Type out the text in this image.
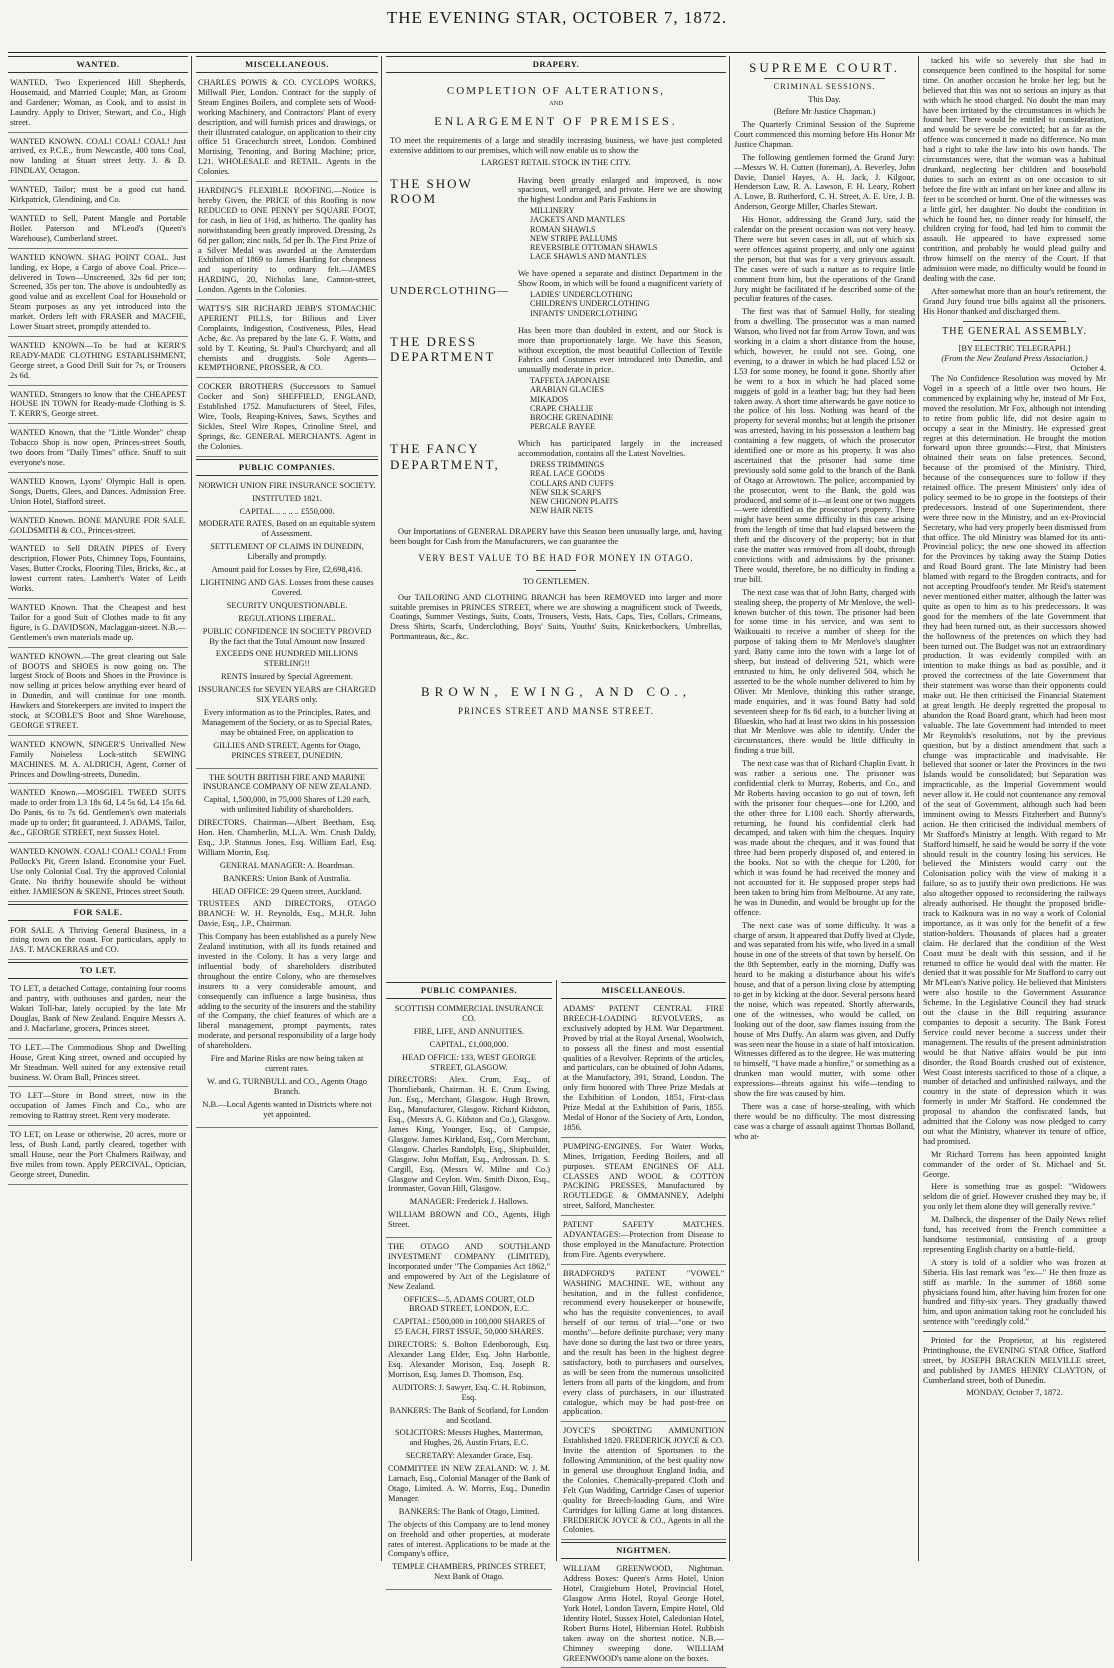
THE EVENING STAR, OCTOBER 7, 1872.
WANTED.

WANTED, Two Experienced Hill Shepherds, Housemaid, and Married Couple; Man, as Groom and Gardener; Woman, as Cook, and to assist in Laundry. Apply to Driver, Stewart, and Co., High street.

WANTED KNOWN. COAL! COAL! COAL! Just arrived, ex P.C.E., from Newcastle, 400 tons Coal, now landing at Stuart street Jetty. J. & D. FINDLAY, Octagon.

WANTED, Tailor; must be a good cut hand. Kirkpatrick, Glendining, and Co.

WANTED to Sell, Patent Mangle and Portable Boiler. Paterson and M'Leod's (Queen's Warehouse), Cumberland street.

WANTED KNOWN. SHAG POINT COAL. Just landing, ex Hope, a Cargo of above Coal. Price—delivered in Town—Unscreened, 32s 6d per ton; Screened, 35s per ton. The above is undoubtedly as good value and as excellent Coal for Household or Steam purposes as any yet introduced into the market. Orders left with FRASER and MACFIE, Lower Stuart street, promptly attended to.

WANTED KNOWN—To be had at KERR'S READY-MADE CLOTHING ESTABLISHMENT, George street, a Good Drill Suit for 7s, or Trousers 2s 6d.

WANTED, Strangers to know that the CHEAPEST HOUSE IN TOWN for Ready-made Clothing is S. T. KERR'S, George street.

WANTED Known, that the "Little Wonder" cheap Tobacco Shop is now open, Princes-street South, two doors from "Daily Times" office. Snuff to suit everyone's nose.

WANTED Known, Lyons' Olympic Hall is open. Songs, Duetts, Glees, and Dances. Admission Free. Union Hotel, Stafford street.

WANTED Known. BONE MANURE FOR SALE. GOLDSMITH & CO., Princes-street.

WANTED to Sell DRAIN PIPES of Every description, Flower Pots, Chimney Tops, Fountains, Vases, Butter Crocks, Flooring Tiles, Bricks, &c., at lowest current rates. Lambert's Water of Leith Works.

WANTED Known. That the Cheapest and best Tailor for a good Suit of Clothes made to fit any figure, is G. DAVIDSON, Maclaggan-street. N.B.—Gentlemen's own materials made up.

WANTED KNOWN.—The great clearing out Sale of BOOTS and SHOES is now going on. The largest Stock of Boots and Shoes in the Province is now selling at prices below anything ever heard of in Dunedin, and will continue for one month. Hawkers and Storekeepers are invited to inspect the stock, at SCOBLE'S Boot and Shoe Warehouse, GEORGE STREET.

WANTED KNOWN, SINGER'S Unrivalled New Family Noiseless Lock-stitch SEWING MACHINES. M. A. ALDRICH, Agent, Corner of Princes and Dowling-streets, Dunedin.

WANTED Known.—MOSGIEL TWEED SUITS made to order from L3 18s 6d, L4 5s 6d, L4 15s 6d. Do Pants, 6s to 7s 6d. Gentlemen's own materials made up to order; fit guaranteed. J. ADAMS, Tailor, &c., GEORGE STREET, next Sussex Hotel.

WANTED KNOWN. COAL! COAL! COAL! From Pollock's Pit, Green Island. Economise your Fuel. Use only Colonial Coal. Try the approved Colonial Grate. No thrifty housewife should be without either. JAMIESON & SKENE, Princes street South.

FOR SALE.

FOR SALE. A Thriving General Business, in a rising town on the coast. For particulars, apply to JAS. T. MACKERRAS and CO.

TO LET.

TO LET, a detached Cottage, containing four rooms and pantry, with outhouses and garden, near the Wakari Toll-bar, lately occupied by the late Mr Douglas, Bank of New Zealand. Enquire Messrs A. and J. Macfarlane, grocers, Princes street.

TO LET.—The Commodious Shop and Dwelling House, Great King street, owned and occupied by Mr Steadman. Well suited for any extensive retail business. W. Oram Ball, Princes street.

TO LET—Store in Bond street, now in the occupation of James Finch and Co., who are removing to Rattray street. Rent very moderate.

TO LET, on Lease or otherwise, 20 acres, more or less, of Bush Land, partly cleared, together with small House, near the Port Chalmers Railway, and five miles from town. Apply PERCIVAL, Optician, George street, Dunedin.

MISCELLANEOUS.

CHARLES POWIS & CO. CYCLOPS WORKS, Millwall Pier, London. Contract for the supply of Steam Engines Boilers, and complete sets of Wood-working Machinery, and Contractors' Plant of every description, and will furnish prices and drawings, or their illustrated catalogue, on application to their city office 51 Gracechurch street, London. Combined Mortising, Tenoning, and Boring Machine; price, L21. WHOLESALE and RETAIL. Agents in the Colonies.

HARDING'S FLEXIBLE ROOFING.—Notice is hereby Given, the PRICE of this Roofing is now REDUCED to ONE PENNY per SQUARE FOOT, for cash, in lieu of 1½d, as hitherto. The quality has notwithstanding been greatly improved. Dressing, 2s 6d per gallon; zinc nails, 5d per lb. The First Prize of a Silver Medal was awarded at the Amsterdam Exhibition of 1869 to James Harding for cheapness and superiority to ordinary felt.—JAMES HARDING, 20, Nicholas lane, Cannon-street, London. Agents in the Colonies.

WATTS'S SIR RICHARD JEBB'S STOMACHIC APERIENT PILLS, for Bilious and Liver Complaints, Indigestion, Costiveness, Piles, Head Ache, &c. As prepared by the late G. F. Watts, and sold by T. Keating, St. Paul's Churchyard; and all chemists and druggists. Sole Agents—KEMPTHORNE, PROSSER, & CO.

COCKER BROTHERS (Successors to Samuel Cocker and Son) SHEFFIELD, ENGLAND, Established 1752. Manufacturers of Steel, Files, Wire, Tools, Reaping-Knives, Saws, Scythes and Sickles, Steel Wire Ropes, Crinoline Steel, and Springs, &c. GENERAL MERCHANTS. Agent in the Colonies.

PUBLIC COMPANIES.

NORWICH UNION FIRE INSURANCE SOCIETY.

INSTITUTED 1821.

CAPITAL .. .. .. .. £550,000.

MODERATE RATES, Based on an equitable system of Assessment.

SETTLEMENT OF CLAIMS IN DUNEDIN, Liberally and promptly.

Amount paid for Losses by Fire, £2,698,416.

LIGHTNING AND GAS. Losses from these causes Covered.

SECURITY UNQUESTIONABLE.

REGULATIONS LIBERAL.

PUBLIC CONFIDENCE IN SOCIETY PROVED By the fact that the Total Amount now Insured

EXCEEDS ONE HUNDRED MILLIONS STERLING!!

RENTS Insured by Special Agreement.

INSURANCES for SEVEN YEARS are CHARGED SIX YEARS only.

Every information as to the Principles, Rates, and Management of the Society, or as to Special Rates, may be obtained Free, on application to

GILLIES AND STREET, Agents for Otago, PRINCES STREET, DUNEDIN.

THE SOUTH BRITISH FIRE AND MARINE INSURANCE COMPANY OF NEW ZEALAND.

Capital, 1,500,000, in 75,000 Shares of L20 each, with unlimited liability of shareholders.

DIRECTORS. Chairman—Albert Beetham, Esq. Hon. Hen. Chamberlin, M.L.A. Wm. Crush Daldy, Esq., J.P. Stannus Jones, Esq. William Earl, Esq. William Morrin, Esq.

GENERAL MANAGER: A. Boardman.

BANKERS: Union Bank of Australia.

HEAD OFFICE: 29 Queen street, Auckland.

TRUSTEES AND DIRECTORS, OTAGO BRANCH: W. H. Reynolds, Esq., M.H.R. John Davie, Esq., J.P., Chairman.

This Company has been established as a purely New Zealand institution, with all its funds retained and invested in the Colony. It has a very large and influential body of shareholders distributed throughout the entire Colony, who are themselves insurers to a very considerable amount, and consequently can influence a large business, thus adding to the security of the insurers and the stability of the Company, the chief features of which are a liberal management, prompt payments, rates moderate, and personal responsibility of a large body of shareholders.

Fire and Marine Risks are now being taken at current rates.

W. and G. TURNBULL and CO., Agents Otago Branch.

N.B.—Local Agents wanted in Districts where not yet appointed.

DRAPERY.
COMPLETION OF ALTERATIONS,
AND
ENLARGEMENT OF PREMISES.

TO meet the requirements of a large and steadily increasing business, we have just completed extensive additions to our premises, which will now enable us to show the

LARGEST RETAIL STOCK IN THE CITY.
THE SHOW ROOM

Having been greatly enlarged and improved, is now spacious, well arranged, and private. Here we are showing the highest London and Paris Fashions in

MILLINERY
JACKETS AND MANTLES
ROMAN SHAWLS
NEW STRIPE PALLUMS
REVERSIBLE OTTOMAN SHAWLS
LACE SHAWLS AND MANTLES
UNDERCLOTHING—

We have opened a separate and distinct Department in the Show Room, in which will be found a magnificent variety of

LADIES' UNDERCLOTHING
CHILDREN'S UNDERCLOTHING
INFANTS' UNDERCLOTHING
THE DRESS DEPARTMENT

Has been more than doubled in extent, and our Stock is more than proportionately large. We have this Season, without exception, the most beautiful Collection of Textile Fabrics and Costumes ever introduced into Dunedin, and unusually moderate in price.

TAFFETA JAPONAISE
ARABIAN GLACIES
MIKADOS
CRAPE CHALLIE
BROCHE GRENADINE
PERCALE RAYEE
THE FANCY DEPARTMENT,

Which has participated largely in the increased accommodation, contains all the Latest Novelties.

DRESS TRIMMINGS
REAL LACE GOODS
COLLARS AND CUFFS
NEW SILK SCARFS
NEW CHIGNON PLAITS
NEW HAIR NETS

Our Importations of GENERAL DRAPERY have this Season been unusually large, and, having been bought for Cash from the Manufacturers, we can guarantee the

VERY BEST VALUE TO BE HAD FOR MONEY IN OTAGO.
TO GENTLEMEN.

Our TAILORING AND CLOTHING BRANCH has been REMOVED into larger and more suitable premises in PRINCES STREET, where we are showing a magnificent stock of Tweeds, Coatings, Summer Vestings, Suits, Coats, Trousers, Vests, Hats, Caps, Ties, Collars, Crimeans, Dress Shirts, Scarfs, Underclothing, Boys' Suits, Youths' Suits, Knickerbockers, Umbrellas, Portmanteaus, &c., &c.

BROWN, EWING, AND CO.,
PRINCES STREET AND MANSE STREET.
PUBLIC COMPANIES.

SCOTTISH COMMERCIAL INSURANCE CO.

FIRE, LIFE, AND ANNUITIES.

CAPITAL, £1,000,000.

HEAD OFFICE: 133, WEST GEORGE STREET, GLASGOW.

DIRECTORS: Alex. Crum, Esq., of Thornliebank, Chairman. H. E. Crum Ewing, Jun. Esq., Merchant, Glasgow. Hugh Brown, Esq., Manufacturer, Glasgow. Richard Kidston, Esq., (Messrs A. G. Kidston and Co.), Glasgow. James King, Younger, Esq., of Campsie, Glasgow. James Kirkland, Esq., Corn Merchant, Glasgow. Charles Randolph, Esq., Shipbuilder, Glasgow. John Moffatt, Esq., Ardrossan. D. S. Cargill, Esq. (Messrs W. Milne and Co.) Glasgow and Ceylon. Wm. Smith Dixon, Esq., Ironmaster, Govan Hill, Glasgow.

MANAGER: Frederick J. Hallows.

WILLIAM BROWN and CO., Agents, High Street.

THE OTAGO AND SOUTHLAND INVESTMENT COMPANY (LIMITED), Incorporated under "The Companies Act 1862," and empowered by Act of the Legislature of New Zealand.

OFFICES—5, ADAMS COURT, OLD BROAD STREET, LONDON, E.C.

CAPITAL: £500,000 in 100,000 SHARES of £5 EACH, FIRST ISSUE, 50,000 SHARES.

DIRECTORS: S. Bolton Edenborough, Esq. Alexander Lang Elder, Esq. John Harbottle, Esq. Alexander Morison, Esq. Joseph R. Morrison, Esq. James D. Thomson, Esq.

AUDITORS: J. Sawyer, Esq. C. H. Robinson, Esq.

BANKERS: The Bank of Scotland, for London and Scotland.

SOLICITORS: Messrs Hughes, Masterman, and Hughes, 26, Austin Friars, E.C.

SECRETARY: Alexander Grace, Esq.

COMMITTEE IN NEW ZEALAND: W. J. M. Larnach, Esq., Colonial Manager of the Bank of Otago, Limited. A. W. Morris, Esq., Dunedin Manager.

BANKERS: The Bank of Otago, Limited.

The objects of this Company are to lend money on freehold and other properties, at moderate rates of interest. Applications to be made at the Company's office,

TEMPLE CHAMBERS, PRINCES STREET, Next Bank of Otago.

MISCELLANEOUS.

ADAMS' PATENT CENTRAL FIRE BREECH-LOADING REVOLVERS, as exclusively adopted by H.M. War Department. Proved by trial at the Royal Arsenal, Woolwich, to possess all the finest and most essential qualities of a Revolver. Reprints of the articles, and particulars, can be obtained of John Adams, at the Manufactory, 391, Strand, London. The only firm honored with Three Prize Medals at the Exhibition of London, 1851, First-class Prize Medal at the Exhibition of Paris, 1855. Medal of Honor of the Society of Arts, London, 1856.

PUMPING-ENGINES. For Water Works, Mines, Irrigation, Feeding Boilers, and all purposes. STEAM ENGINES OF ALL CLASSES AND WOOL & COTTON PACKING PRESSES, Manufactured by ROUTLEDGE & OMMANNEY, Adelphi street, Salford, Manchester.

PATENT SAFETY MATCHES. ADVANTAGES:—Protection from Disease to those employed in the Manufacture. Protection from Fire. Agents everywhere.

BRADFORD'S PATENT "VOWEL" WASHING MACHINE. WE, without any hesitation, and in the fullest confidence, recommend every housekeeper or housewife, who has the requisite conveniences, to avail herself of our terms of trial—"one or two months"—before definite purchase; very many have done so during the last two or three years, and the result has been in the highest degree satisfactory, both to purchasers and ourselves, as will be seen from the numerous unsolicited letters from all parts of the kingdom, and from every class of purchasers, in our illustrated catalogue, which may be had post-free on application.

JOYCE'S SPORTING AMMUNITION Established 1820. FREDERICK JOYCE & CO. Invite the attention of Sportsmen to the following Ammunition, of the best quality now in general use throughout England India, and the Colonies. Chemically-prepared Cloth and Felt Gun Wadding, Cartridge Cases of superior quality for Breech-loading Guns, and Wire Cartridges for killing Game at long distances. FREDERICK JOYCE & CO., Agents in all the Colonies.

NIGHTMEN.

WILLIAM GREENWOOD, Nightman. Address Boxes: Queen's Arms Hotel, Union Hotel, Craigieburn Hotel, Provincial Hotel, Glasgow Arms Hotel, Royal George Hotel, York Hotel, London Tavern, Empire Hotel, Old Identity Hotel, Sussex Hotel, Caledonian Hotel, Robert Burns Hotel, Hibernian Hotel. Rubbish taken away on the shortest notice. N.B.—Chimney sweeping done. WILLIAM GREENWOOD's name alone on the boxes.

SUPREME COURT.
CRIMINAL SESSIONS.
This Day.
(Before Mr Justice Chapman.)

The Quarterly Criminal Session of the Supreme Court commenced this morning before His Honor Mr Justice Chapman.

The following gentlemen formed the Grand Jury:—Messrs W. H. Cutten (foreman), A. Beverley, John Davie, Daniel Hayes, A. H. Jack, J. Kilgour, Henderson Law, R. A. Lawson, F. H. Leary, Robert A. Lowe, B. Rutherford, C. H. Street, A. E. Ure, J. B. Anderson, George Miller, Charles Stewart.

His Honor, addressing the Grand Jury, said the calendar on the present occasion was not very heavy. There were but seven cases in all, out of which six were offences against property, and only one against the person, but that was for a very grievous assault. The cases were of such a nature as to require little comment from him, but the operations of the Grand Jury might be facilitated if he described some of the peculiar features of the cases.

The first was that of Samuel Holly, for stealing from a dwelling. The prosecutor was a man named Watson, who lived not far from Arrow Town, and was working in a claim a short distance from the house, which, however, he could not see. Going, one evening, to a drawer in which he had placed L52 or L53 for some money, he found it gone. Shortly after he went to a box in which he had placed some nuggets of gold in a leather bag; but they had been taken away. A short time afterwards he gave notice to the police of his loss. Nothing was heard of the property for several months; but at length the prisoner was arrested, having in his possession a leathern bag containing a few nuggets, of which the prosecutor identified one or more as his property. It was also ascertained that the prisoner had some time previously sold some gold to the branch of the Bank of Otago at Arrowtown. The police, accompanied by the prosecutor, went to the Bank, the gold was produced, and some of it—at least one or two nuggets—were identified as the prosecutor's property. There might have been some difficulty in this case arising from the length of time that had elapsed between the theft and the discovery of the property; but in that case the matter was removed from all doubt, through convictions with and admissions by the prisoner. There would, therefore, be no difficulty in finding a true bill.

The next case was that of John Batty, charged with stealing sheep, the property of Mr Menlove, the well-known butcher of this town. The prisoner had been for some time in his service, and was sent to Waikouaiti to receive a number of sheep for the purpose of taking them to Mr Menlove's slaughter yard. Batty came into the town with a large lot of sheep, but instead of delivering 521, which were entrusted to him, he only delivered 504, which he asserted to be the whole number delivered to him by Oliver. Mr Menlove, thinking this rather strange, made enquiries, and it was found Batty had sold seventeen sheep for 8s 6d each, to a butcher living at Blueskin, who had at least two skins in his possession that Mr Menlove was able to identify. Under the circumstances, there would be little difficulty in finding a true bill.

The next case was that of Richard Chaplin Evatt. It was rather a serious one. The prisoner was confidential clerk to Murray, Roberts, and Co., and Mr Roberts having occasion to go out of town, left with the prisoner four cheques—one for L200, and the other three for L100 each. Shortly afterwards, returning, he found his confidential clerk had decamped, and taken with him the cheques. Inquiry was made about the cheques, and it was found that three had been properly disposed of, and entered in the books. Not so with the cheque for L200, for which it was found he had received the money and not accounted for it. He supposed proper steps had been taken to bring him from Melbourne. At any rate, he was in Dunedin, and would be brought up for the offence.

The next case was of some difficulty. It was a charge of arson. It appeared that Duffy lived at Clyde, and was separated from his wife, who lived in a small house in one of the streets of that town by herself. On the 8th September, early in the morning, Duffy was heard to be making a disturbance about his wife's house, and that of a person living close by attempting to get in by kicking at the door. Several persons heard the noise, which was repeated. Shortly afterwards, one of the witnesses, who would be called, on looking out of the door, saw flames issuing from the house of Mrs Duffy. An alarm was given, and Duffy was seen near the house in a state of half intoxication. Witnesses differed as to the degree. He was muttering to himself, "I have made a bonfire," or something as a drunken man would mutter, with some other expressions—threats against his wife—tending to show the fire was caused by him.

There was a case of horse-stealing, with which there would be no difficulty. The most distressing case was a charge of assault against Thomas Bolland, who at-

tacked his wife so severely that she had in consequence been confined to the hospital for some time. On another occasion he broke her leg; but he believed that this was not so serious an injury as that with which he stood charged. No doubt the man may have been irritated by the circumstances in which he found her. There would be entitled to consideration, and would be severe be convicted; but as far as the offence was concerned it made no difference. No man had a right to take the law into his own hands. The circumstances were, that the woman was a habitual drunkard, neglecting her children and household duties to such an extent as on one occasion to sit before the fire with an infant on her knee and allow its feet to be scorched or burnt. One of the witnesses was a little girl, her daughter. No doubt the condition in which he found her, no dinner ready for himself, the children crying for food, had led him to commit the assault. He appeared to have expressed some contrition, and probably he would plead guilty and throw himself on the mercy of the Court. If that admission were made, no difficulty would be found in dealing with the case.

After somewhat more than an hour's retirement, the Grand Jury found true bills against all the prisoners. His Honor thanked and discharged them.

THE GENERAL ASSEMBLY.
[BY ELECTRIC TELEGRAPH.]
(From the New Zealand Press Association.)
October 4.

The No Confidence Resolution was moved by Mr Vogel in a speech of a little over two hours. He commenced by explaining why he, instead of Mr Fox, moved the resolution. Mr Fox, although not intending to retire from public life, did not desire again to occupy a seat in the Ministry. He expressed great regret at this determination. He brought the motion forward upon three grounds:—First, that Ministers obtained their seats on false pretences. Second, because of the promised of the Ministry. Third, because of the consequences sure to follow if they retained office. The present Ministers' only idea of policy seemed to be to grope in the footsteps of their predecessors. Instead of one Superintendent, there were three now in the Ministry, and an ex-Provincial Secretary, who had very properly been dismissed from that office. The old Ministry was blamed for its anti-Provincial policy; the new one showed its affection for the Provinces by taking away the Stamp Duties and Road Board grant. The late Ministry had been blamed with regard to the Brogden contracts, and for not accepting Proudfoot's tender. Mr Reid's statement never mentioned either matter, although the latter was quite as open to him as to his predecessors. It was good for the members of the late Government that they had been turned out, as their successors showed the hollowness of the pretences on which they had been turned out. The Budget was not an extraordinary production. It was evidently compiled with an intention to make things as bad as possible, and it proved the correctness of the late Government that their statement was worse than their opponents could make out. He then criticised the Financial Statement at great length. He deeply regretted the proposal to abandon the Road Board grant, which had been most valuable. The late Government had intended to meet Mr Reynolds's resolutions, not by the previous question, but by a distinct amendment that such a change was impracticable and inadvisable. He believed that sooner or later the Provinces in the two Islands would be consolidated; but Separation was impracticable, as the Imperial Government would never allow it. He could not countenance any removal of the seat of Government, although such had been imminent owing to Messrs Fitzherbert and Bunny's action. He then criticised the individual members of Mr Stafford's Ministry at length. With regard to Mr Stafford himself, he said he would be sorry if the vote should result in the country losing his services. He believed the Ministers would carry out the Colonisation policy with the view of making it a failure, so as to justify their own predictions. He was also altogether opposed to reconsidering the railways already authorised. He thought the proposed bridle-track to Kaikoura was in no way a work of Colonial importance, as it was only for the benefit of a few station-holders. Thousands of places had a greater claim. He declared that the condition of the West Coast must be dealt with this session, and if he returned to office he would deal with the matter. He denied that it was possible for Mr Stafford to carry out Mr M'Lean's Native policy. He believed that Ministers were also hostile to the Government Assurance Scheme. In the Legislative Council they had struck out the clause in the Bill requiring assurance companies to deposit a security. The Bank Forest Service could never become a success under their management. The results of the present administration would be that Native affairs would be put into disorder, the Road Boards crushed out of existence, West Coast interests sacrificed to those of a clique, a number of detached and unfinished railways, and the country in the state of depression which it was formerly in under Mr Stafford. He condemned the proposal to abandon the confiscated lands, but admitted that the Colony was now pledged to carry out what the Ministry, whatever its tenure of office, had promised.

Mr Richard Torrens has been appointed knight commander of the order of St. Michael and St. George.

Here is something true as gospel: "Widowers seldom die of grief. However crushed they may be, if you only let them alone they will generally revive."

M. Dalbeck, the dispenser of the Daily News relief fund, has received from the French committee a handsome testimonial, consisting of a group representing English charity on a battle-field.

A story is told of a soldier who was frozen at Siberia. His last remark was "ex—" He then froze as stiff as marble. In the summer of 1868 some physicians found him, after having him frozen for one hundred and fifty-six years. They gradually thawed him, and upon animation taking root he concluded his sentence with "ceedingly cold."

Printed for the Proprietor, at his registered Printinghouse, the EVENING STAR Office, Stafford street, by JOSEPH BRACKEN MELVILLE street, and published by JAMES HENRY CLAYTON, of Cumberland street, both of Dunedin.

MONDAY, October 7, 1872.
